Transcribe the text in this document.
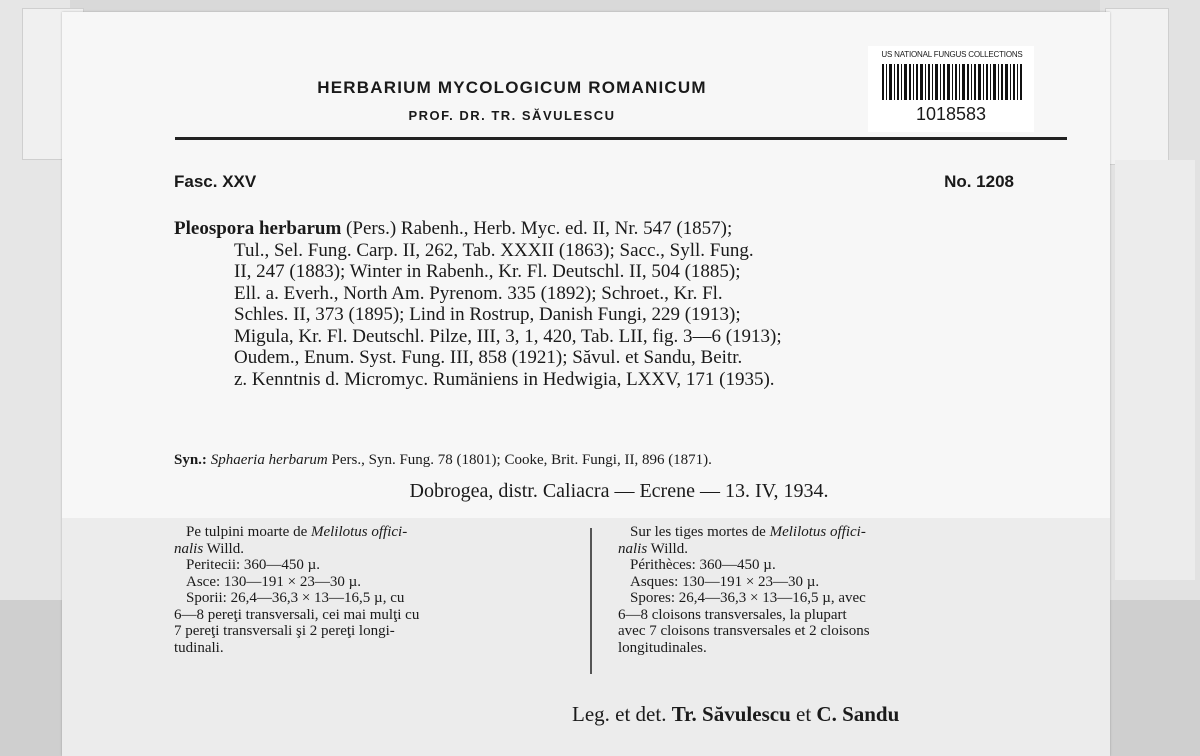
HERBARIUM MYCOLOGICUM ROMANICUM
PROF. DR. TR. SĂVULESCU
US NATIONAL FUNGUS COLLECTIONS
1018583
Fasc. XXV	No. 1208
Pleospora herbarum (Pers.) Rabenh., Herb. Myc. ed. II, Nr. 547 (1857);
Tul., Sel. Fung. Carp. II, 262, Tab. XXXII (1863); Sacc., Syll. Fung.
II, 247 (1883); Winter in Rabenh., Kr. Fl. Deutschl. II, 504 (1885);
Ell. a. Everh., North Am. Pyrenom. 335 (1892); Schroet., Kr. Fl.
Schles. II, 373 (1895); Lind in Rostrup, Danish Fungi, 229 (1913);
Migula, Kr. Fl. Deutschl. Pilze, III, 3, 1, 420, Tab. LII, fig. 3—6 (1913);
Oudem., Enum. Syst. Fung. III, 858 (1921); Săvul. et Sandu, Beitr.
z. Kenntnis d. Micromyc. Rumäniens in Hedwigia, LXXV, 171 (1935).
Syn.: Sphaeria herbarum Pers., Syn. Fung. 78 (1801); Cooke, Brit. Fungi, II, 896 (1871).
Dobrogea, distr. Caliacra — Ecrene — 13. IV, 1934.
Pe tulpini moarte de Melilotus offici-
nalis Willd.
Peritecii: 360—450 µ.
Asce: 130—191 × 23—30 µ.
Sporii: 26,4—36,3 × 13—16,5 µ, cu
6—8 pereţi transversali, cei mai mulţi cu
7 pereţi transversali şi 2 pereţi longi-
tudinali.
Sur les tiges mortes de Melilotus offici-
nalis Willd.
Périthèces: 360—450 µ.
Asques: 130—191 × 23—30 µ.
Spores: 26,4—36,3 × 13—16,5 µ, avec
6—8 cloisons transversales, la plupart
avec 7 cloisons transversales et 2 cloisons
longitudinales.
Leg. et det. Tr. Săvulescu et C. Sandu
